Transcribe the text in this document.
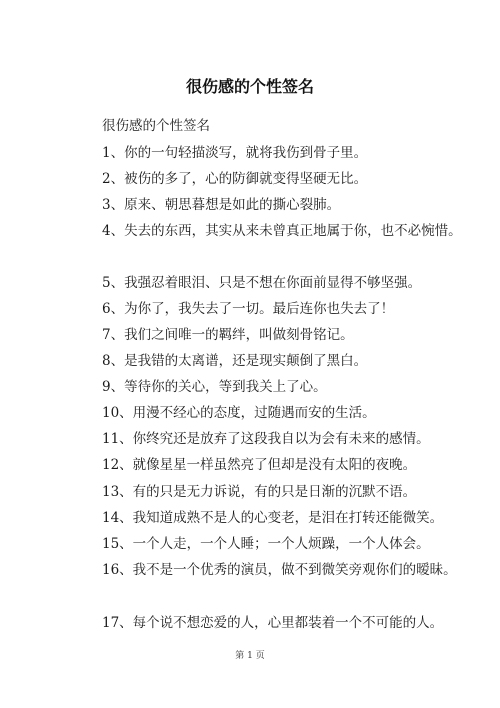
很伤感的个性签名
很伤感的个性签名
1、你的一句轻描淡写，就将我伤到骨子里。
2、被伤的多了，心的防御就变得坚硬无比。
3、原来、朝思暮想是如此的撕心裂肺。
4、失去的东西，其实从来未曾真正地属于你，也不必惋惜。
5、我强忍着眼泪、只是不想在你面前显得不够坚强。
6、为你了，我失去了一切。最后连你也失去了！
7、我们之间唯一的羁绊，叫做刻骨铭记。
8、是我错的太离谱，还是现实颠倒了黑白。
9、等待你的关心，等到我关上了心。
10、用漫不经心的态度，过随遇而安的生活。
11、你终究还是放弃了这段我自以为会有未来的感情。
12、就像星星一样虽然亮了但却是没有太阳的夜晚。
13、有的只是无力诉说，有的只是日渐的沉默不语。
14、我知道成熟不是人的心变老，是泪在打转还能微笑。
15、一个人走，一个人睡；一个人烦躁，一个人体会。
16、我不是一个优秀的演员，做不到微笑旁观你们的暧昧。
17、每个说不想恋爱的人，心里都装着一个不可能的人。
第 1 页
